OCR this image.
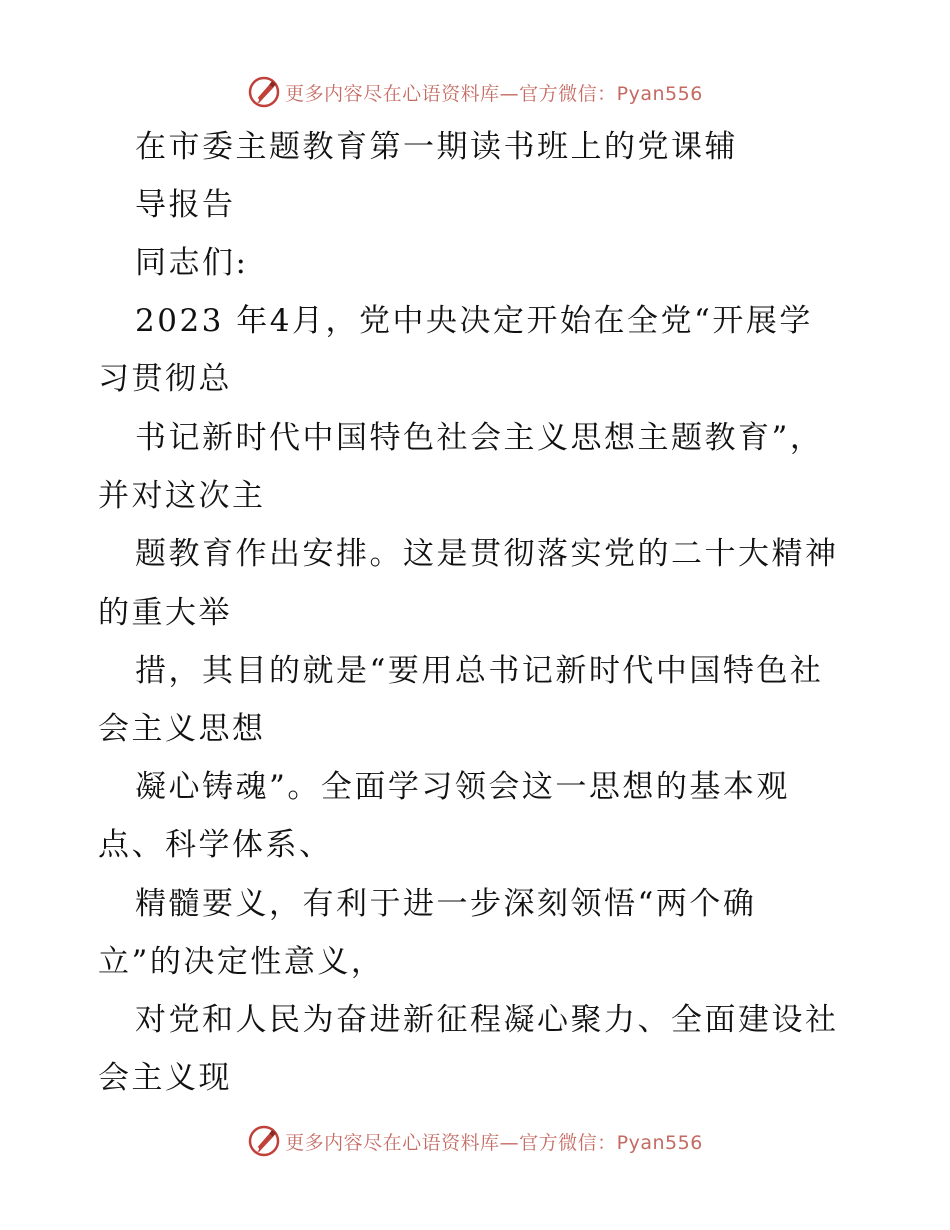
更多内容尽在心语资料库—官方微信：Pyan556
在市委主题教育第一期读书班上的党课辅
导报告
同志们:
2023 年4月，党中央决定开始在全党“开展学
习贯彻总
书记新时代中国特色社会主义思想主题教育”，
并对这次主
题教育作出安排。这是贯彻落实党的二十大精神
的重大举
措，其目的就是“要用总书记新时代中国特色社
会主义思想
凝心铸魂”。全面学习领会这一思想的基本观
点、科学体系、
精髓要义，有利于进一步深刻领悟“两个确
立”的决定性意义，
对党和人民为奋进新征程凝心聚力、全面建设社
会主义现
更多内容尽在心语资料库—官方微信：Pyan556
